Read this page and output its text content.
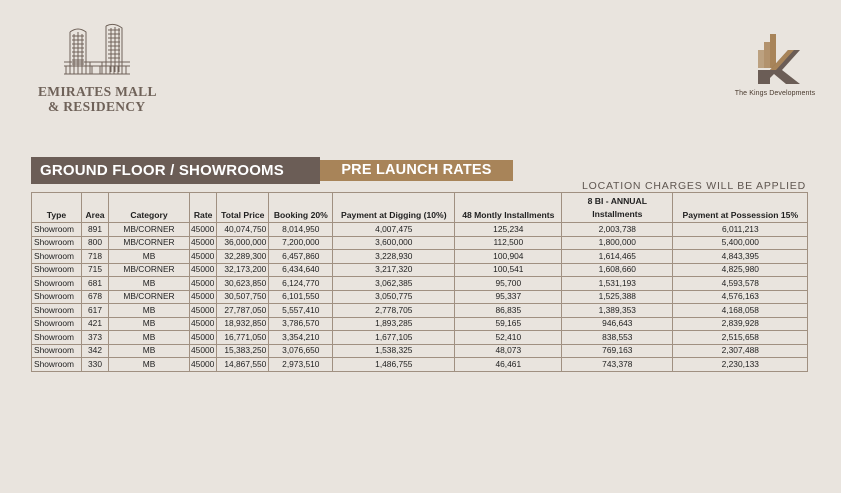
EMIRATES MALL
& RESIDENCY
The Kings Developments
GROUND FLOOR / SHOWROOMS	PRE LAUNCH RATES
LOCATION CHARGES WILL BE APPLIED
Type	Area	Category	Rate	Total Price	Booking 20%	Payment at Digging (10%)	48 Montly Installments	8 BI - ANNUAL Installments	Payment at Possession 15%
Showroom	891	MB/CORNER	45000	40,074,750	8,014,950	4,007,475	125,234	2,003,738	6,011,213
Showroom	800	MB/CORNER	45000	36,000,000	7,200,000	3,600,000	112,500	1,800,000	5,400,000
Showroom	718	MB	45000	32,289,300	6,457,860	3,228,930	100,904	1,614,465	4,843,395
Showroom	715	MB/CORNER	45000	32,173,200	6,434,640	3,217,320	100,541	1,608,660	4,825,980
Showroom	681	MB	45000	30,623,850	6,124,770	3,062,385	95,700	1,531,193	4,593,578
Showroom	678	MB/CORNER	45000	30,507,750	6,101,550	3,050,775	95,337	1,525,388	4,576,163
Showroom	617	MB	45000	27,787,050	5,557,410	2,778,705	86,835	1,389,353	4,168,058
Showroom	421	MB	45000	18,932,850	3,786,570	1,893,285	59,165	946,643	2,839,928
Showroom	373	MB	45000	16,771,050	3,354,210	1,677,105	52,410	838,553	2,515,658
Showroom	342	MB	45000	15,383,250	3,076,650	1,538,325	48,073	769,163	2,307,488
Showroom	330	MB	45000	14,867,550	2,973,510	1,486,755	46,461	743,378	2,230,133
